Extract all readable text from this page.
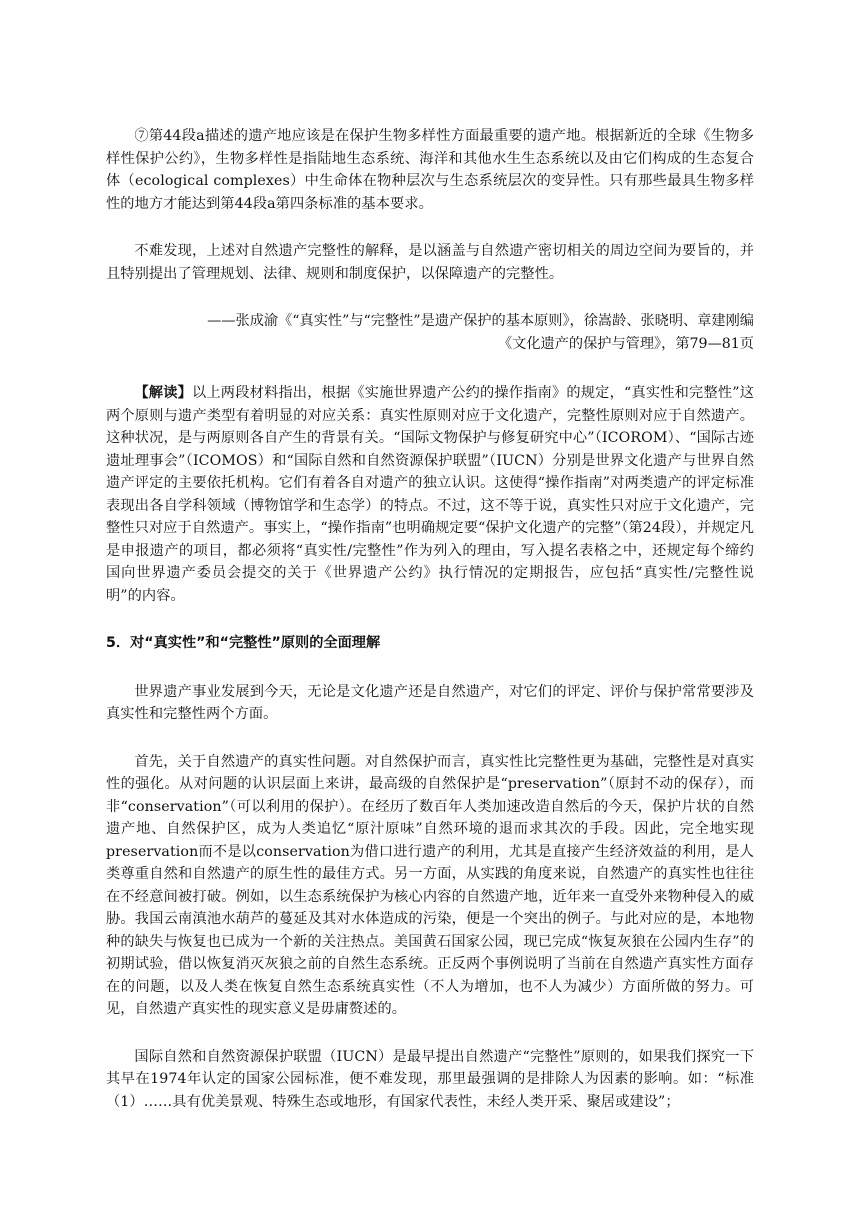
⑦第44段a描述的遗产地应该是在保护生物多样性方面最重要的遗产地。根据新近的全球《生物多样性保护公约》，生物多样性是指陆地生态系统、海洋和其他水生生态系统以及由它们构成的生态复合体（ecological complexes）中生命体在物种层次与生态系统层次的变异性。只有那些最具生物多样性的地方才能达到第44段a第四条标准的基本要求。

不难发现，上述对自然遗产完整性的解释，是以涵盖与自然遗产密切相关的周边空间为要旨的，并且特别提出了管理规划、法律、规则和制度保护，以保障遗产的完整性。

——张成渝《“真实性”与“完整性”是遗产保护的基本原则》，徐嵩龄、张晓明、章建刚编
《文化遗产的保护与管理》，第79—81页

【解读】以上两段材料指出，根据《实施世界遗产公约的操作指南》的规定，“真实性和完整性”这两个原则与遗产类型有着明显的对应关系：真实性原则对应于文化遗产，完整性原则对应于自然遗产。这种状况，是与两原则各自产生的背景有关。“国际文物保护与修复研究中心”（ICOROM）、“国际古迹遗址理事会”（ICOMOS）和“国际自然和自然资源保护联盟”（IUCN）分别是世界文化遗产与世界自然遗产评定的主要依托机构。它们有着各自对遗产的独立认识。这使得“操作指南”对两类遗产的评定标准表现出各自学科领域（博物馆学和生态学）的特点。不过，这不等于说，真实性只对应于文化遗产，完整性只对应于自然遗产。事实上，“操作指南”也明确规定要“保护文化遗产的完整”（第24段），并规定凡是申报遗产的项目，都必须将“真实性/完整性”作为列入的理由，写入提名表格之中，还规定每个缔约国向世界遗产委员会提交的关于《世界遗产公约》执行情况的定期报告，应包括“真实性/完整性说明”的内容。

5．对“真实性”和“完整性”原则的全面理解

世界遗产事业发展到今天，无论是文化遗产还是自然遗产，对它们的评定、评价与保护常常要涉及真实性和完整性两个方面。

首先，关于自然遗产的真实性问题。对自然保护而言，真实性比完整性更为基础，完整性是对真实性的强化。从对问题的认识层面上来讲，最高级的自然保护是“preservation”（原封不动的保存），而非“conservation”（可以利用的保护）。在经历了数百年人类加速改造自然后的今天，保护片状的自然遗产地、自然保护区，成为人类追忆“原汁原味”自然环境的退而求其次的手段。因此，完全地实现preservation而不是以conservation为借口进行遗产的利用，尤其是直接产生经济效益的利用，是人类尊重自然和自然遗产的原生性的最佳方式。另一方面，从实践的角度来说，自然遗产的真实性也往往在不经意间被打破。例如，以生态系统保护为核心内容的自然遗产地，近年来一直受外来物种侵入的威胁。我国云南滇池水葫芦的蔓延及其对水体造成的污染，便是一个突出的例子。与此对应的是，本地物种的缺失与恢复也已成为一个新的关注热点。美国黄石国家公园，现已完成“恢复灰狼在公园内生存”的初期试验，借以恢复消灭灰狼之前的自然生态系统。正反两个事例说明了当前在自然遗产真实性方面存在的问题，以及人类在恢复自然生态系统真实性（不人为增加，也不人为减少）方面所做的努力。可见，自然遗产真实性的现实意义是毋庸赘述的。

国际自然和自然资源保护联盟（IUCN）是最早提出自然遗产“完整性”原则的，如果我们探究一下其早在1974年认定的国家公园标准，便不难发现，那里最强调的是排除人为因素的影响。如：“标准（1）……具有优美景观、特殊生态或地形，有国家代表性，未经人类开采、聚居或建设”；
